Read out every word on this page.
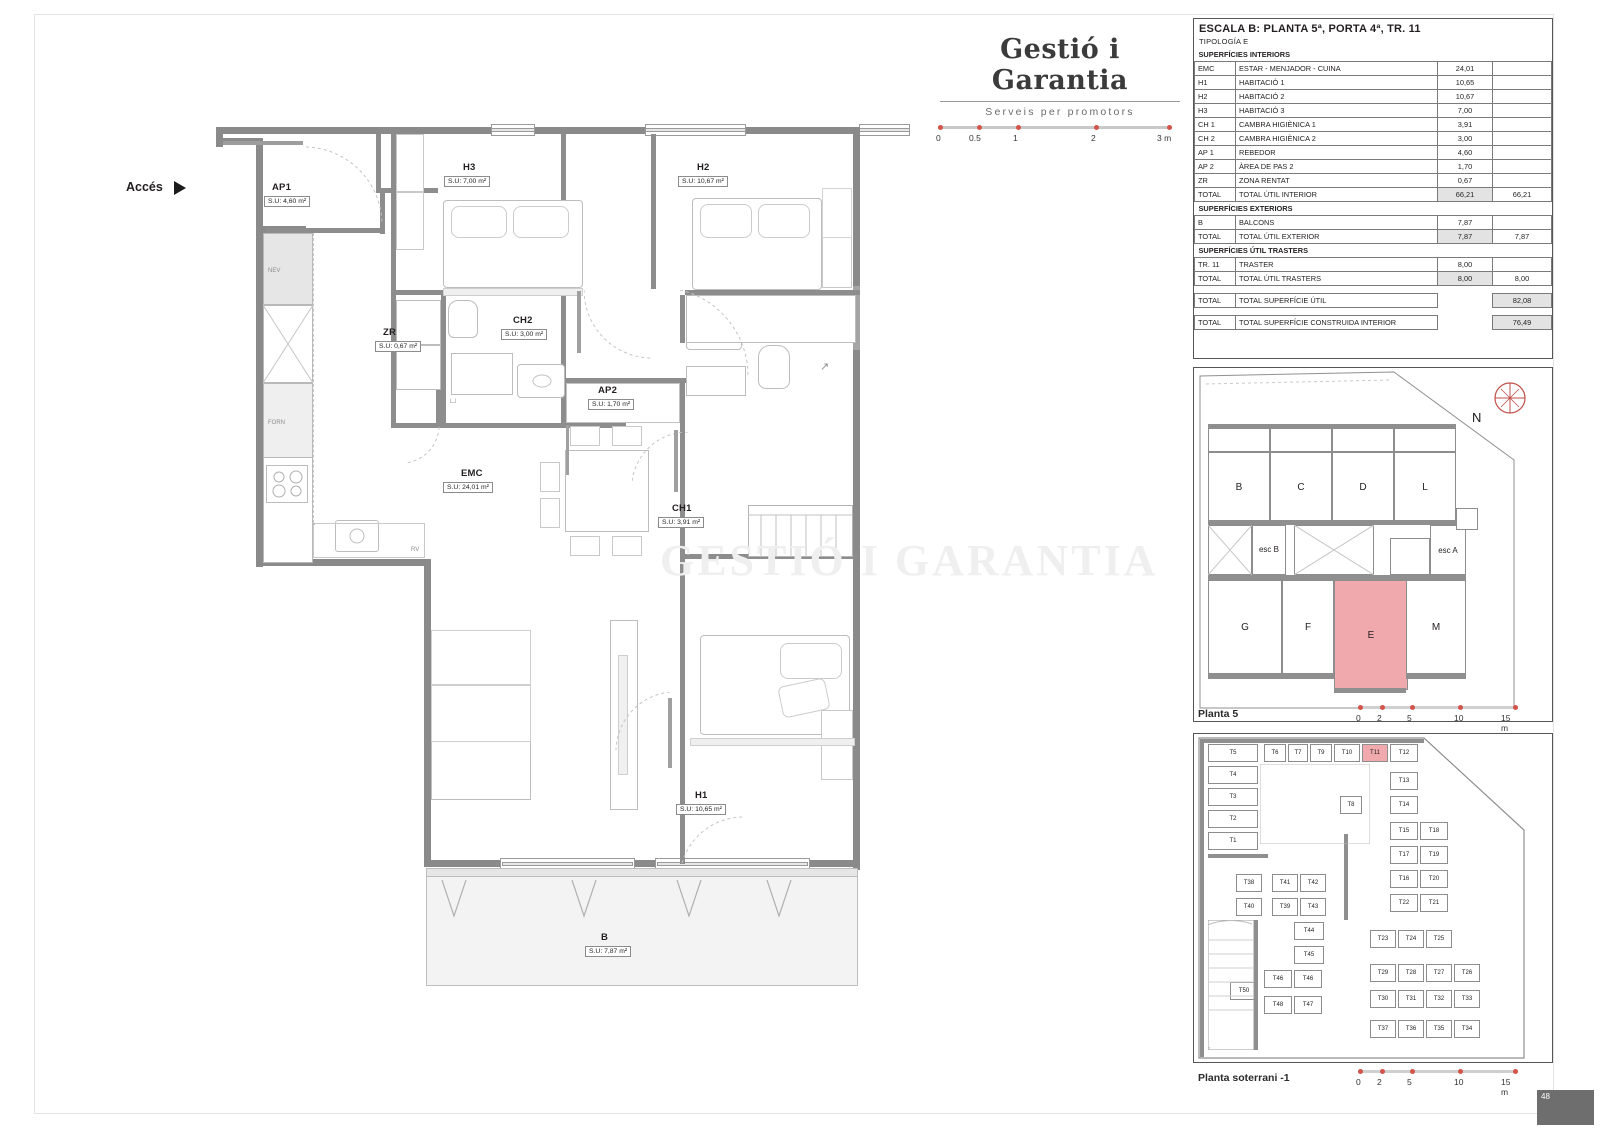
Gestió i Garantia
Serveis per promotors
0	0.5	1	2	3 m
ESCALA B: PLANTA 5ª, PORTA 4ª, TR. 11
TIPOLOGÍA E
SUPERFÍCIES INTERIORS			
EMC	ESTAR - MENJADOR - CUINA	24,01	
H1	HABITACIÓ 1	10,65	
H2	HABITACIÓ 2	10,67	
H3	HABITACIÓ 3	7,00	
CH 1	CAMBRA HIGIÈNICA 1	3,91	
CH 2	CAMBRA HIGIÈNICA 2	3,00	
AP 1	REBEDOR	4,60	
AP 2	ÀREA DE PAS 2	1,70	
ZR	ZONA RENTAT	0,67	
TOTAL	TOTAL ÚTIL INTERIOR	66,21	66,21
SUPERFÍCIES EXTERIORS			
B	BALCONS	7,87	
TOTAL	TOTAL ÚTIL EXTERIOR	7,87	7,87
SUPERFÍCIES ÚTIL TRASTERS			
TR. 11	TRASTER	8,00	
TOTAL	TOTAL ÚTIL TRASTERS	8,00	8,00

TOTAL	TOTAL SUPERFÍCIE ÚTIL		82,08

TOTAL	TOTAL SUPERFÍCIE CONSTRUIDA INTERIOR		76,49
NEV
FORN
RV
└┘
↗
AP1
S.U: 4,60 m²
H3
S.U: 7,00 m²
H2
S.U: 10,67 m²
ZR
S.U: 0,67 m²
CH2
S.U: 3,00 m²
AP2
S.U: 1,70 m²
EMC
S.U: 24,01 m²
CH1
S.U: 3,91 m²
H1
S.U: 10,65 m²
B
S.U: 7,87 m²
Accés
GESTIÓ I GARANTIA
B	C	D	L
esc B	esc A
G	F
E
M
Planta 5
N
0 2	5	10	15 m
T5
T4
T3
T2
T1
T6	T7	T9	T10	T11	T12
T13
T14
T8
T15	T18
T17	T19
T16	T20
T22	T21
T38
T40
T41	T42
T39	T43
T44
T45
T46	T46
T50
T48	T47
T23	T24	T25
T29	T28	T27	T26
T30	T31	T32	T33
T37	T36	T35	T34
Planta soterrani -1	0 2	5	10	15 m	48
